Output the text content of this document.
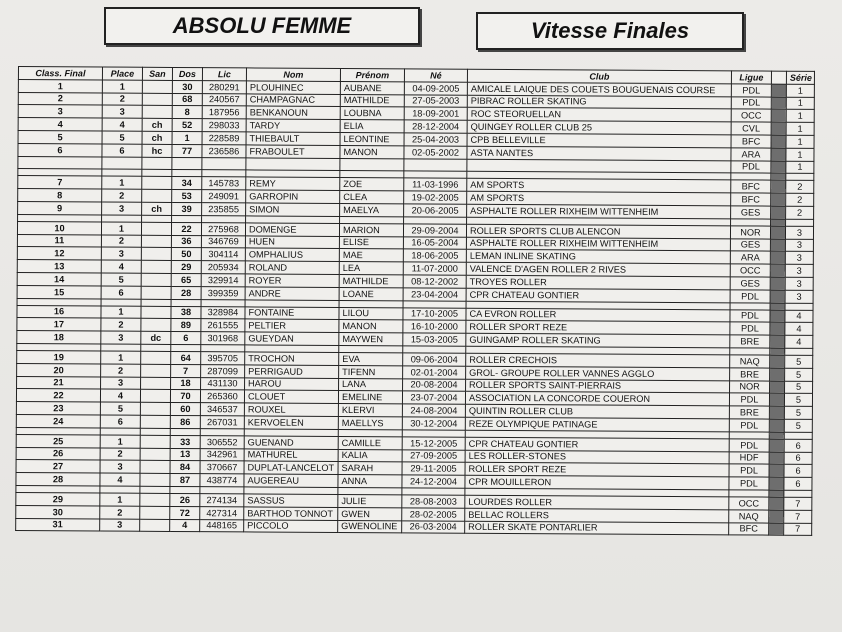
ABSOLU FEMME	Vitesse Finales
Class. Final	Place	San	Dos	Lic	Nom	Prénom	Né	Club	Ligue		Série
1	1		30	280291	PLOUHINEC	AUBANE	04-09-2005	AMICALE LAIQUE DES COUETS BOUGUENAIS COURSE	PDL		1
2	2		68	240567	CHAMPAGNAC	MATHILDE	27-05-2003	PIBRAC ROLLER SKATING	PDL		1
3	3		8	187956	BENKANOUN	LOUBNA	18-09-2001	ROC STEORUELLAN	OCC		1
4	4	ch	52	298033	TARDY	ELIA	28-12-2004	QUINGEY ROLLER CLUB 25	CVL		1
5	5	ch	1	228589	THIEBAULT	LEONTINE	25-04-2003	CPB BELLEVILLE	BFC		1
6	6	hc	77	236586	FRABOULET	MANON	02-05-2002	ASTA NANTES	ARA		1
									PDL		1

7	1		34	145783	REMY	ZOE	11-03-1996	AM SPORTS	BFC		2
8	2		53	249091	GARROPIN	CLEA	19-02-2005	AM SPORTS	BFC		2
9	3	ch	39	235855	SIMON	MAELYA	20-06-2005	ASPHALTE ROLLER RIXHEIM WITTENHEIM	GES		2

10	1		22	275968	DOMENGE	MARION	29-09-2004	ROLLER SPORTS CLUB ALENCON	NOR		3
11	2		36	346769	HUEN	ELISE	16-05-2004	ASPHALTE ROLLER RIXHEIM WITTENHEIM	GES		3
12	3		50	304114	OMPHALIUS	MAE	18-06-2005	LEMAN INLINE SKATING	ARA		3
13	4		29	205934	ROLAND	LEA	11-07-2000	VALENCE D'AGEN ROLLER 2 RIVES	OCC		3
14	5		65	329914	ROYER	MATHILDE	08-12-2002	TROYES ROLLER	GES		3
15	6		28	399359	ANDRE	LOANE	23-04-2004	CPR CHATEAU GONTIER	PDL		3

16	1		38	328984	FONTAINE	LILOU	17-10-2005	CA EVRON ROLLER	PDL		4
17	2		89	261555	PELTIER	MANON	16-10-2000	ROLLER SPORT REZE	PDL		4
18	3	dc	6	301968	GUEYDAN	MAYWEN	15-03-2005	GUINGAMP ROLLER SKATING	BRE		4

19	1		64	395705	TROCHON	EVA	09-06-2004	ROLLER CRECHOIS	NAQ		5
20	2		7	287099	PERRIGAUD	TIFENN	02-01-2004	GROL- GROUPE ROLLER VANNES AGGLO	BRE		5
21	3		18	431130	HAROU	LANA	20-08-2004	ROLLER SPORTS SAINT-PIERRAIS	NOR		5
22	4		70	265360	CLOUET	EMELINE	23-07-2004	ASSOCIATION LA CONCORDE COUERON	PDL		5
23	5		60	346537	ROUXEL	KLERVI	24-08-2004	QUINTIN ROLLER CLUB	BRE		5
24	6		86	267031	KERVOELEN	MAELLYS	30-12-2004	REZE OLYMPIQUE PATINAGE	PDL		5

25	1		33	306552	GUENAND	CAMILLE	15-12-2005	CPR CHATEAU GONTIER	PDL		6
26	2		13	342961	MATHUREL	KALIA	27-09-2005	LES ROLLER-STONES	HDF		6
27	3		84	370667	DUPLAT-LANCELOT	SARAH	29-11-2005	ROLLER SPORT REZE	PDL		6
28	4		87	438774	AUGEREAU	ANNA	24-12-2004	CPR MOUILLERON	PDL		6

29	1		26	274134	SASSUS	JULIE	28-08-2003	LOURDES ROLLER	OCC		7
30	2		72	427314	BARTHOD TONNOT	GWEN	28-02-2005	BELLAC ROLLERS	NAQ		7
31	3		4	448165	PICCOLO	GWENOLINE	26-03-2004	ROLLER SKATE PONTARLIER	BFC		7
